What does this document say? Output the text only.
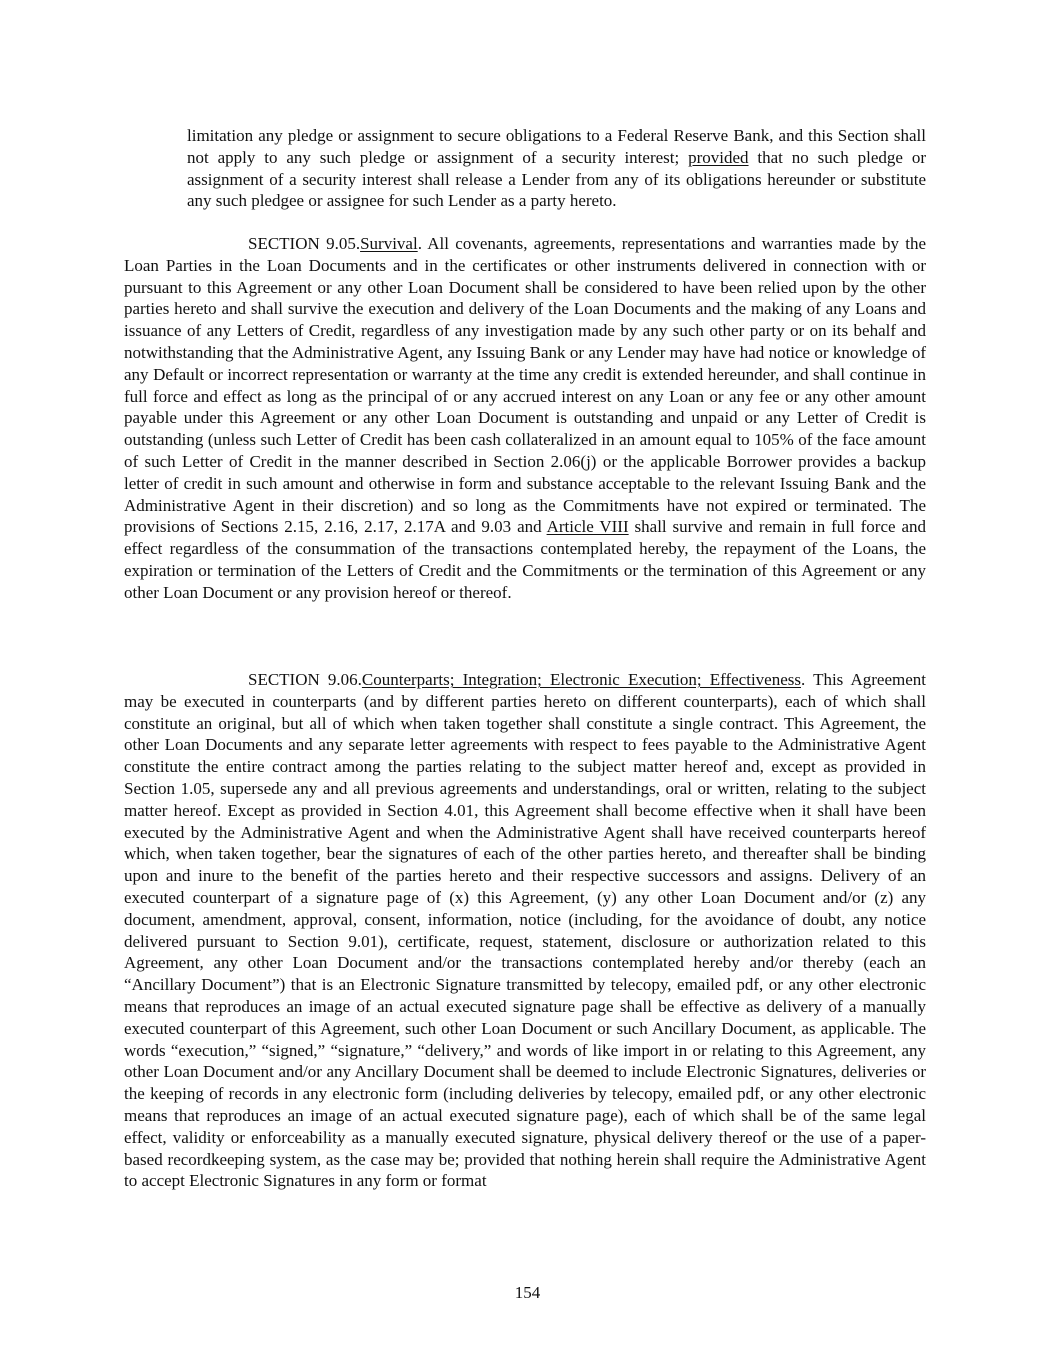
limitation any pledge or assignment to secure obligations to a Federal Reserve Bank, and this Section shall not apply to any such pledge or assignment of a security interest; provided that no such pledge or assignment of a security interest shall release a Lender from any of its obligations hereunder or substitute any such pledgee or assignee for such Lender as a party hereto.

SECTION 9.05.Survival. All covenants, agreements, representations and warranties made by the Loan Parties in the Loan Documents and in the certificates or other instruments delivered in connection with or pursuant to this Agreement or any other Loan Document shall be considered to have been relied upon by the other parties hereto and shall survive the execution and delivery of the Loan Documents and the making of any Loans and issuance of any Letters of Credit, regardless of any investigation made by any such other party or on its behalf and notwithstanding that the Administrative Agent, any Issuing Bank or any Lender may have had notice or knowledge of any Default or incorrect representation or warranty at the time any credit is extended hereunder, and shall continue in full force and effect as long as the principal of or any accrued interest on any Loan or any fee or any other amount payable under this Agreement or any other Loan Document is outstanding and unpaid or any Letter of Credit is outstanding (unless such Letter of Credit has been cash collateralized in an amount equal to 105% of the face amount of such Letter of Credit in the manner described in Section 2.06(j) or the applicable Borrower provides a backup letter of credit in such amount and otherwise in form and substance acceptable to the relevant Issuing Bank and the Administrative Agent in their discretion) and so long as the Commitments have not expired or terminated. The provisions of Sections 2.15, 2.16, 2.17, 2.17A and 9.03 and Article VIII shall survive and remain in full force and effect regardless of the consummation of the transactions contemplated hereby, the repayment of the Loans, the expiration or termination of the Letters of Credit and the Commitments or the termination of this Agreement or any other Loan Document or any provision hereof or thereof.

SECTION 9.06.Counterparts; Integration; Electronic Execution; Effectiveness. This Agreement may be executed in counterparts (and by different parties hereto on different counterparts), each of which shall constitute an original, but all of which when taken together shall constitute a single contract. This Agreement, the other Loan Documents and any separate letter agreements with respect to fees payable to the Administrative Agent constitute the entire contract among the parties relating to the subject matter hereof and, except as provided in Section 1.05, supersede any and all previous agreements and understandings, oral or written, relating to the subject matter hereof. Except as provided in Section 4.01, this Agreement shall become effective when it shall have been executed by the Administrative Agent and when the Administrative Agent shall have received counterparts hereof which, when taken together, bear the signatures of each of the other parties hereto, and thereafter shall be binding upon and inure to the benefit of the parties hereto and their respective successors and assigns. Delivery of an executed counterpart of a signature page of (x) this Agreement, (y) any other Loan Document and/or (z) any document, amendment, approval, consent, information, notice (including, for the avoidance of doubt, any notice delivered pursuant to Section 9.01), certificate, request, statement, disclosure or authorization related to this Agreement, any other Loan Document and/or the transactions contemplated hereby and/or thereby (each an “Ancillary Document”) that is an Electronic Signature transmitted by telecopy, emailed pdf, or any other electronic means that reproduces an image of an actual executed signature page shall be effective as delivery of a manually executed counterpart of this Agreement, such other Loan Document or such Ancillary Document, as applicable. The words “execution,” “signed,” “signature,” “delivery,” and words of like import in or relating to this Agreement, any other Loan Document and/or any Ancillary Document shall be deemed to include Electronic Signatures, deliveries or the keeping of records in any electronic form (including deliveries by telecopy, emailed pdf, or any other electronic means that reproduces an image of an actual executed signature page), each of which shall be of the same legal effect, validity or enforceability as a manually executed signature, physical delivery thereof or the use of a paper-based recordkeeping system, as the case may be; provided that nothing herein shall require the Administrative Agent to accept Electronic Signatures in any form or format

154
